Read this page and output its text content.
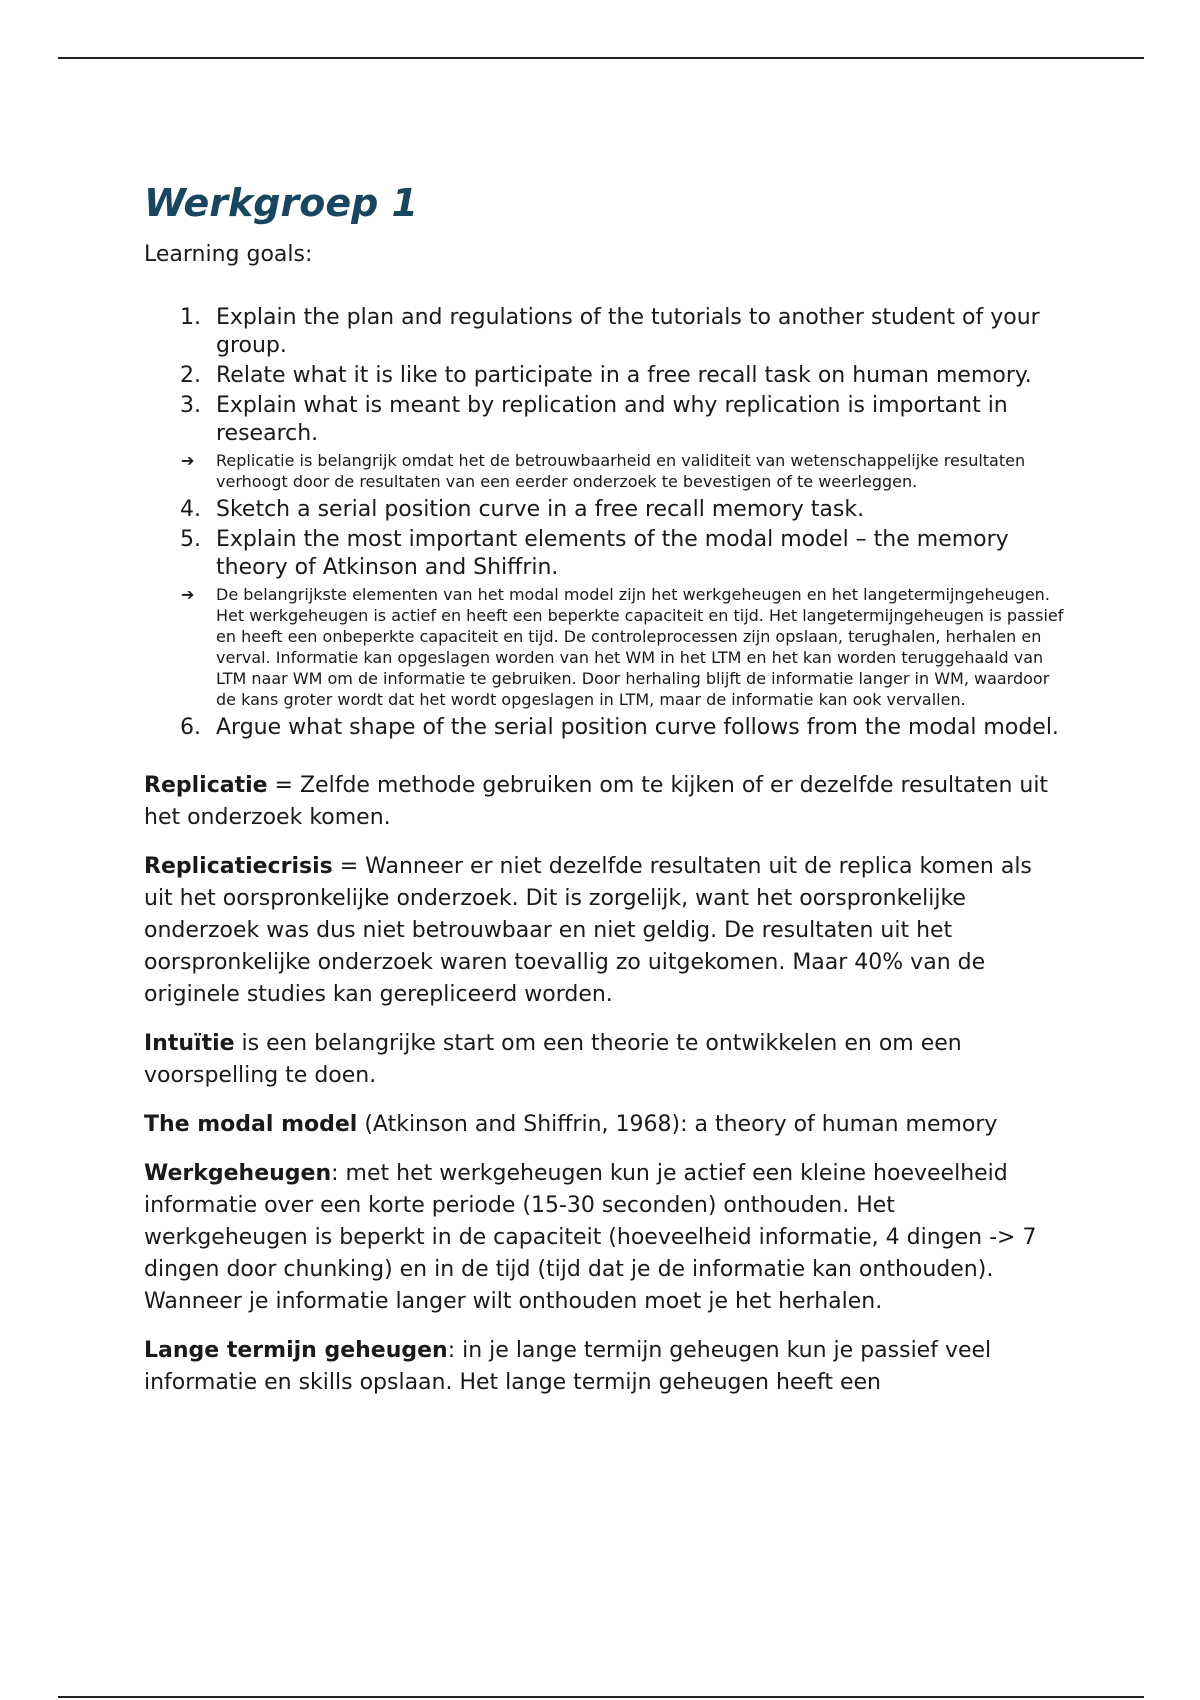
Werkgroep 1

Learning goals:

1. Explain the plan and regulations of the tutorials to another student of your group.
2. Relate what it is like to participate in a free recall task on human memory.
3. Explain what is meant by replication and why replication is important in research.
➔ Replicatie is belangrijk omdat het de betrouwbaarheid en validiteit van wetenschappelijke resultaten verhoogt door de resultaten van een eerder onderzoek te bevestigen of te weerleggen.
4. Sketch a serial position curve in a free recall memory task.
5. Explain the most important elements of the modal model – the memory theory of Atkinson and Shiffrin.
➔ De belangrijkste elementen van het modal model zijn het werkgeheugen en het langetermijngeheugen. Het werkgeheugen is actief en heeft een beperkte capaciteit en tijd. Het langetermijngeheugen is passief en heeft een onbeperkte capaciteit en tijd. De controleprocessen zijn opslaan, terughalen, herhalen en verval. Informatie kan opgeslagen worden van het WM in het LTM en het kan worden teruggehaald van LTM naar WM om de informatie te gebruiken. Door herhaling blijft de informatie langer in WM, waardoor de kans groter wordt dat het wordt opgeslagen in LTM, maar de informatie kan ook vervallen.
6. Argue what shape of the serial position curve follows from the modal model.

Replicatie = Zelfde methode gebruiken om te kijken of er dezelfde resultaten uit het onderzoek komen.

Replicatiecrisis = Wanneer er niet dezelfde resultaten uit de replica komen als uit het oorspronkelijke onderzoek. Dit is zorgelijk, want het oorspronkelijke onderzoek was dus niet betrouwbaar en niet geldig. De resultaten uit het oorspronkelijke onderzoek waren toevallig zo uitgekomen. Maar 40% van de originele studies kan gerepliceerd worden.

Intuïtie is een belangrijke start om een theorie te ontwikkelen en om een voorspelling te doen.

The modal model (Atkinson and Shiffrin, 1968): a theory of human memory

Werkgeheugen: met het werkgeheugen kun je actief een kleine hoeveelheid informatie over een korte periode (15-30 seconden) onthouden. Het werkgeheugen is beperkt in de capaciteit (hoeveelheid informatie, 4 dingen -> 7 dingen door chunking) en in de tijd (tijd dat je de informatie kan onthouden). Wanneer je informatie langer wilt onthouden moet je het herhalen.

Lange termijn geheugen: in je lange termijn geheugen kun je passief veel informatie en skills opslaan. Het lange termijn geheugen heeft een
